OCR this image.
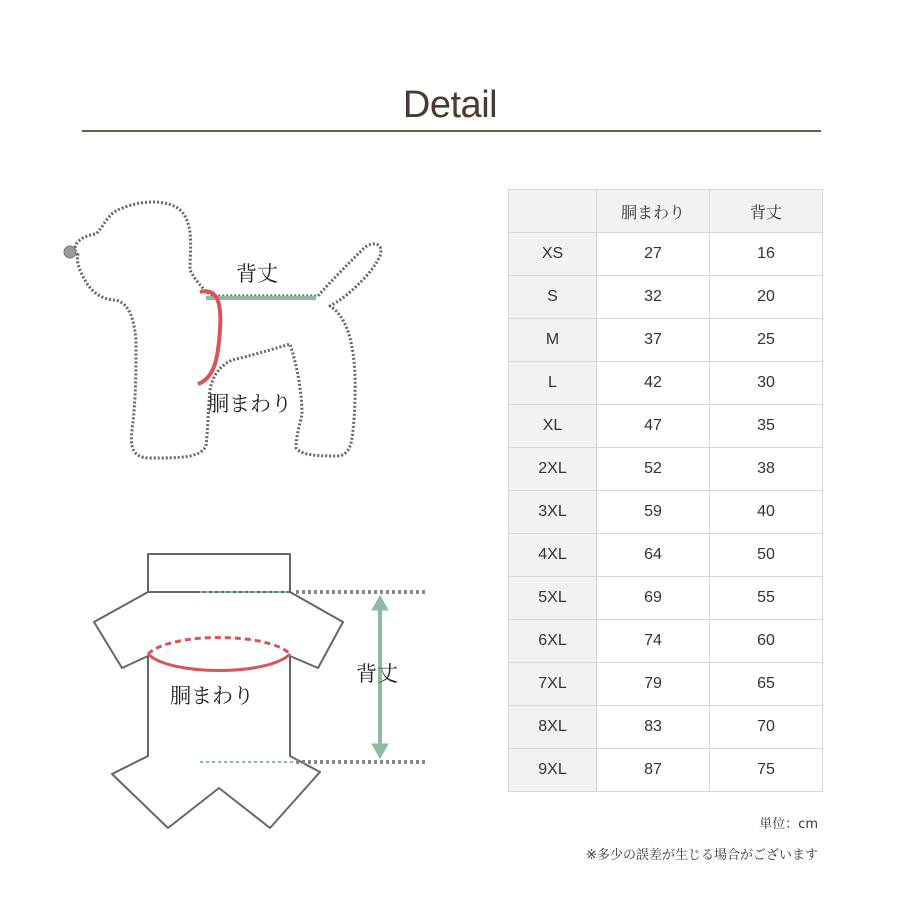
Detail
背丈
胴まわり
背丈
胴まわり
	胴まわり	背丈
XS	27	16
S	32	20
M	37	25
L	42	30
XL	47	35
2XL	52	38
3XL	59	40
4XL	64	50
5XL	69	55
6XL	74	60
7XL	79	65
8XL	83	70
9XL	87	75
単位：cm
※多少の誤差が生じる場合がございます
